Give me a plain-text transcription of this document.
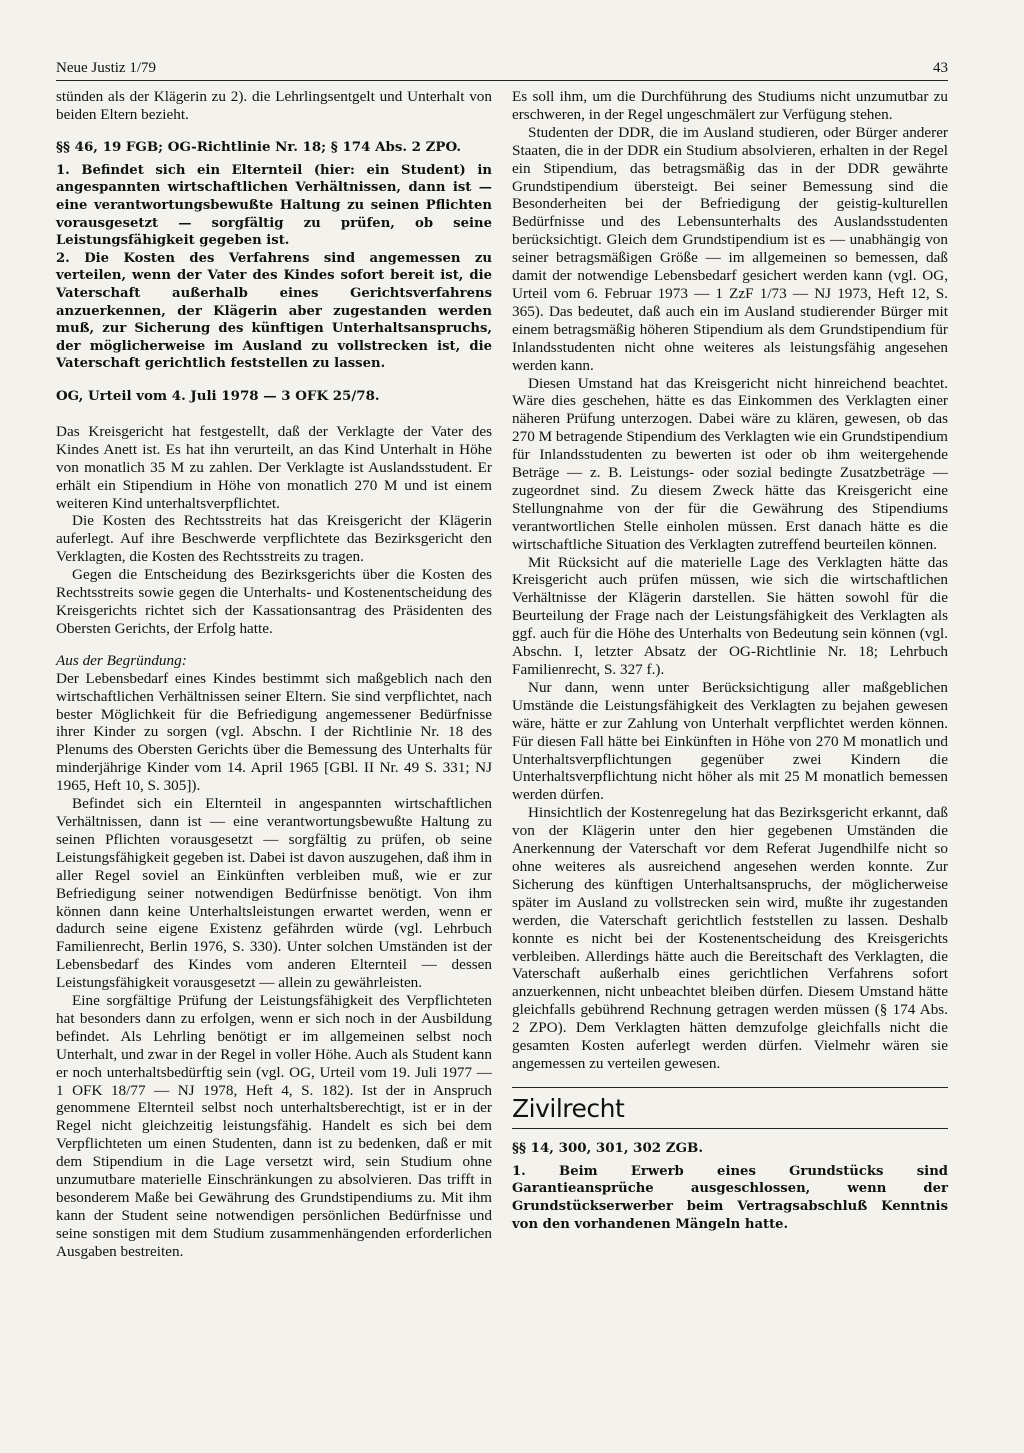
Neue Justiz 1/79	43

stünden als der Klägerin zu 2). die Lehrlingsentgelt und Unterhalt von beiden Eltern bezieht.

§§ 46, 19 FGB; OG-Richtlinie Nr. 18; § 174 Abs. 2 ZPO.

1. Befindet sich ein Elternteil (hier: ein Student) in angespannten wirtschaftlichen Verhältnissen, dann ist — eine verantwortungsbewußte Haltung zu seinen Pflichten vorausgesetzt — sorgfältig zu prüfen, ob seine Leistungsfähigkeit gegeben ist.

2. Die Kosten des Verfahrens sind angemessen zu verteilen, wenn der Vater des Kindes sofort bereit ist, die Vaterschaft außerhalb eines Gerichtsverfahrens anzuerkennen, der Klägerin aber zugestanden werden muß, zur Sicherung des künftigen Unterhaltsanspruchs, der möglicherweise im Ausland zu vollstrecken ist, die Vaterschaft gerichtlich feststellen zu lassen.

OG, Urteil vom 4. Juli 1978 — 3 OFK 25/78.

Das Kreisgericht hat festgestellt, daß der Verklagte der Vater des Kindes Anett ist. Es hat ihn verurteilt, an das Kind Unterhalt in Höhe von monatlich 35 M zu zahlen. Der Verklagte ist Auslandsstudent. Er erhält ein Stipendium in Höhe von monatlich 270 M und ist einem weiteren Kind unterhaltsverpflichtet.

Die Kosten des Rechtsstreits hat das Kreisgericht der Klägerin auferlegt. Auf ihre Beschwerde verpflichtete das Bezirksgericht den Verklagten, die Kosten des Rechtsstreits zu tragen.

Gegen die Entscheidung des Bezirksgerichts über die Kosten des Rechtsstreits sowie gegen die Unterhalts- und Kostenentscheidung des Kreisgerichts richtet sich der Kassationsantrag des Präsidenten des Obersten Gerichts, der Erfolg hatte.

Aus der Begründung:

Der Lebensbedarf eines Kindes bestimmt sich maßgeblich nach den wirtschaftlichen Verhältnissen seiner Eltern. Sie sind verpflichtet, nach bester Möglichkeit für die Befriedigung angemessener Bedürfnisse ihrer Kinder zu sorgen (vgl. Abschn. I der Richtlinie Nr. 18 des Plenums des Obersten Gerichts über die Bemessung des Unterhalts für minderjährige Kinder vom 14. April 1965 [GBl. II Nr. 49 S. 331; NJ 1965, Heft 10, S. 305]).

Befindet sich ein Elternteil in angespannten wirtschaftlichen Verhältnissen, dann ist — eine verantwortungsbewußte Haltung zu seinen Pflichten vorausgesetzt — sorgfältig zu prüfen, ob seine Leistungsfähigkeit gegeben ist. Dabei ist davon auszugehen, daß ihm in aller Regel soviel an Einkünften verbleiben muß, wie er zur Befriedigung seiner notwendigen Bedürfnisse benötigt. Von ihm können dann keine Unterhaltsleistungen erwartet werden, wenn er dadurch seine eigene Existenz gefährden würde (vgl. Lehrbuch Familienrecht, Berlin 1976, S. 330). Unter solchen Umständen ist der Lebensbedarf des Kindes vom anderen Elternteil — dessen Leistungsfähigkeit vorausgesetzt — allein zu gewährleisten.

Eine sorgfältige Prüfung der Leistungsfähigkeit des Verpflichteten hat besonders dann zu erfolgen, wenn er sich noch in der Ausbildung befindet. Als Lehrling benötigt er im allgemeinen selbst noch Unterhalt, und zwar in der Regel in voller Höhe. Auch als Student kann er noch unterhaltsbedürftig sein (vgl. OG, Urteil vom 19. Juli 1977 — 1 OFK 18/77 — NJ 1978, Heft 4, S. 182). Ist der in Anspruch genommene Elternteil selbst noch unterhaltsberechtigt, ist er in der Regel nicht gleichzeitig leistungsfähig. Handelt es sich bei dem Verpflichteten um einen Studenten, dann ist zu bedenken, daß er mit dem Stipendium in die Lage versetzt wird, sein Studium ohne unzumutbare materielle Einschränkungen zu absolvieren. Das trifft in besonderem Maße bei Gewährung des Grundstipendiums zu. Mit ihm kann der Student seine notwendigen persönlichen Bedürfnisse und seine sonstigen mit dem Studium zusammenhängenden erforderlichen Ausgaben bestreiten.

Es soll ihm, um die Durchführung des Studiums nicht unzumutbar zu erschweren, in der Regel ungeschmälert zur Verfügung stehen.

Studenten der DDR, die im Ausland studieren, oder Bürger anderer Staaten, die in der DDR ein Studium absolvieren, erhalten in der Regel ein Stipendium, das betragsmäßig das in der DDR gewährte Grundstipendium übersteigt. Bei seiner Bemessung sind die Besonderheiten bei der Befriedigung der geistig-kulturellen Bedürfnisse und des Lebensunterhalts des Auslandsstudenten berücksichtigt. Gleich dem Grundstipendium ist es — unabhängig von seiner betragsmäßigen Größe — im allgemeinen so bemessen, daß damit der notwendige Lebensbedarf gesichert werden kann (vgl. OG, Urteil vom 6. Februar 1973 — 1 ZzF 1/73 — NJ 1973, Heft 12, S. 365). Das bedeutet, daß auch ein im Ausland studierender Bürger mit einem betragsmäßig höheren Stipendium als dem Grundstipendium für Inlandsstudenten nicht ohne weiteres als leistungsfähig angesehen werden kann.

Diesen Umstand hat das Kreisgericht nicht hinreichend beachtet. Wäre dies geschehen, hätte es das Einkommen des Verklagten einer näheren Prüfung unterzogen. Dabei wäre zu klären, gewesen, ob das 270 M betragende Stipendium des Verklagten wie ein Grundstipendium für Inlandsstudenten zu bewerten ist oder ob ihm weitergehende Beträge — z. B. Leistungs- oder sozial bedingte Zusatzbeträge — zugeordnet sind. Zu diesem Zweck hätte das Kreisgericht eine Stellungnahme von der für die Gewährung des Stipendiums verantwortlichen Stelle einholen müssen. Erst danach hätte es die wirtschaftliche Situation des Verklagten zutreffend beurteilen können.

Mit Rücksicht auf die materielle Lage des Verklagten hätte das Kreisgericht auch prüfen müssen, wie sich die wirtschaftlichen Verhältnisse der Klägerin darstellen. Sie hätten sowohl für die Beurteilung der Frage nach der Leistungsfähigkeit des Verklagten als ggf. auch für die Höhe des Unterhalts von Bedeutung sein können (vgl. Abschn. I, letzter Absatz der OG-Richtlinie Nr. 18; Lehrbuch Familienrecht, S. 327 f.).

Nur dann, wenn unter Berücksichtigung aller maßgeblichen Umstände die Leistungsfähigkeit des Verklagten zu bejahen gewesen wäre, hätte er zur Zahlung von Unterhalt verpflichtet werden können. Für diesen Fall hätte bei Einkünften in Höhe von 270 M monatlich und Unterhaltsverpflichtungen gegenüber zwei Kindern die Unterhaltsverpflichtung nicht höher als mit 25 M monatlich bemessen werden dürfen.

Hinsichtlich der Kostenregelung hat das Bezirksgericht erkannt, daß von der Klägerin unter den hier gegebenen Umständen die Anerkennung der Vaterschaft vor dem Referat Jugendhilfe nicht so ohne weiteres als ausreichend angesehen werden konnte. Zur Sicherung des künftigen Unterhaltsanspruchs, der möglicherweise später im Ausland zu vollstrecken sein wird, mußte ihr zugestanden werden, die Vaterschaft gerichtlich feststellen zu lassen. Deshalb konnte es nicht bei der Kostenentscheidung des Kreisgerichts verbleiben. Allerdings hätte auch die Bereitschaft des Verklagten, die Vaterschaft außerhalb eines gerichtlichen Verfahrens sofort anzuerkennen, nicht unbeachtet bleiben dürfen. Diesem Umstand hätte gleichfalls gebührend Rechnung getragen werden müssen (§ 174 Abs. 2 ZPO). Dem Verklagten hätten demzufolge gleichfalls nicht die gesamten Kosten auferlegt werden dürfen. Vielmehr wären sie angemessen zu verteilen gewesen.

Zivilrecht

§§ 14, 300, 301, 302 ZGB.

1. Beim Erwerb eines Grundstücks sind Garantieansprüche ausgeschlossen, wenn der Grundstückserwerber beim Vertragsabschluß Kenntnis von den vorhandenen Mängeln hatte.
